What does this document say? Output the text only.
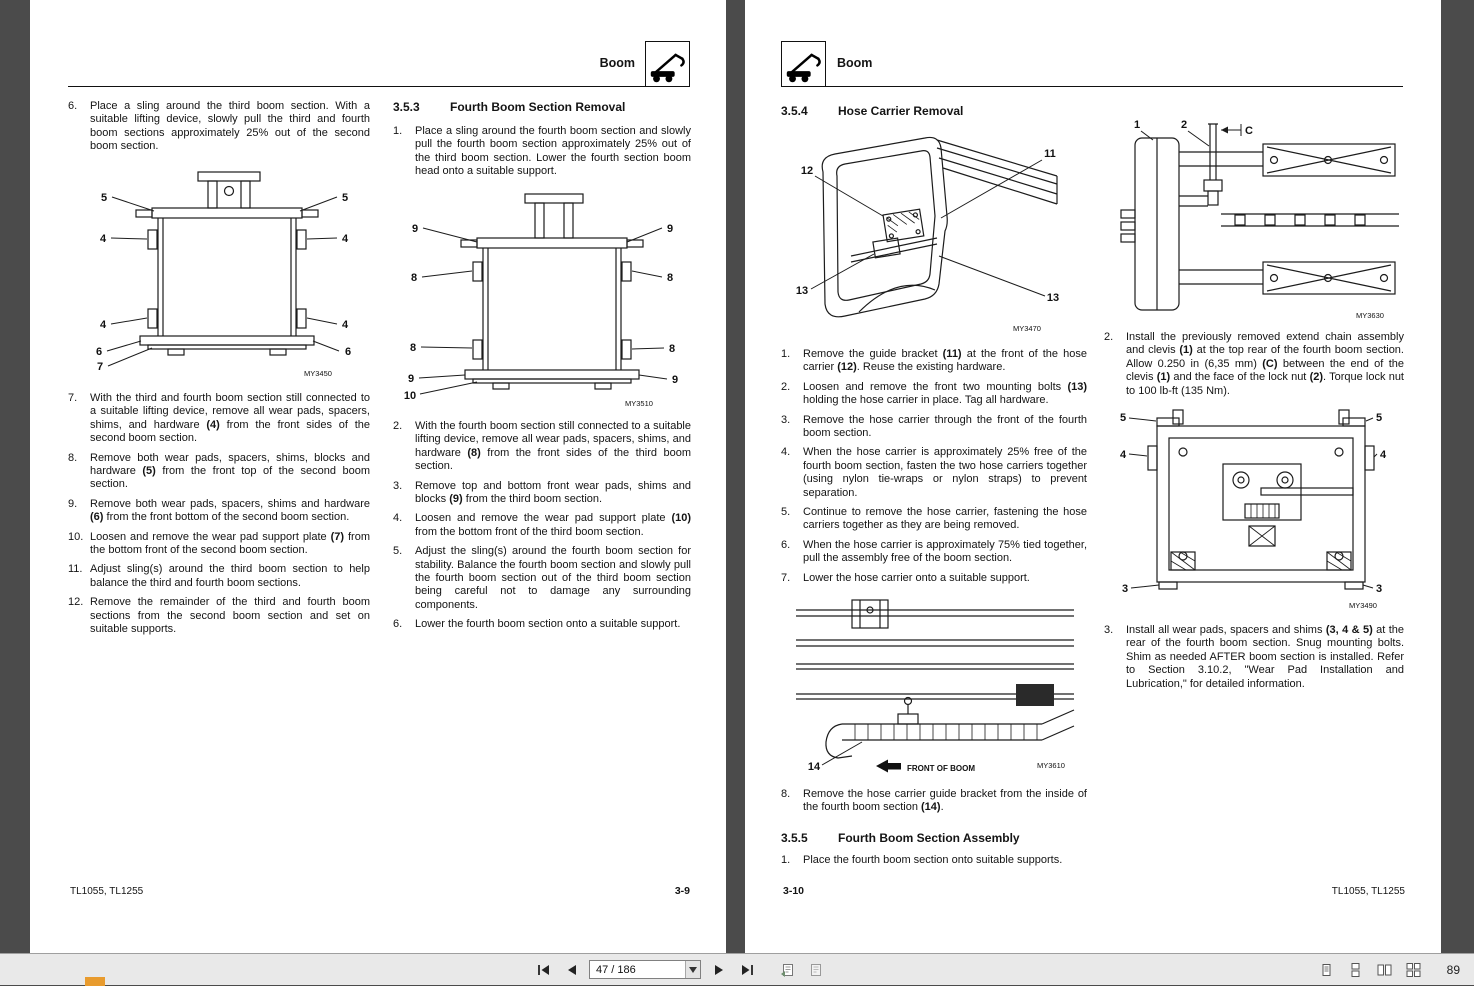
Boom
6.	Place a sling around the third boom section. With a suitable lifting device, slowly pull the third and fourth boom sections approximately 25% out of the second boom section.
5	5
4	4
4	4
6	6
7
MY3450
7.	With the third and fourth boom section still connected to a suitable lifting device, remove all wear pads, spacers, shims, and hardware (4) from the front sides of the second boom section.
8.	Remove both wear pads, spacers, shims, blocks and hardware (5) from the front top of the second boom section.
9.	Remove both wear pads, spacers, shims and hardware (6) from the front bottom of the second boom section.
10. Loosen and remove the wear pad support plate (7) from the bottom front of the second boom section.
11. Adjust sling(s) around the third boom section to help balance the third and fourth boom sections.
12. Remove the remainder of the third and fourth boom sections from the second boom section and set on suitable supports.
3.5.3	Fourth Boom Section Removal
1.	Place a sling around the fourth boom section and slowly pull the fourth boom section approximately 25% out of the third boom section. Lower the fourth section boom head onto a suitable support.
9	9
8	8
8	8
9	9
10
MY3510
2.	With the fourth boom section still connected to a suitable lifting device, remove all wear pads, spacers, shims, and hardware (8) from the front sides of the third boom section.
3.	Remove top and bottom front wear pads, shims and blocks (9) from the third boom section.
4.	Loosen and remove the wear pad support plate (10) from the bottom front of the third boom section.
5.	Adjust the sling(s) around the fourth boom section for stability. Balance the fourth boom section and slowly pull the fourth boom section out of the third boom section being careful not to damage any surrounding components.
6.	Lower the fourth boom section onto a suitable support.
TL1055, TL1255	3-9
Boom
3.5.4	Hose Carrier Removal
12
11
13
13
MY3470
1	2	C
MY3630
1.	Remove the guide bracket (11) at the front of the hose carrier (12). Reuse the existing hardware.
2.	Loosen and remove the front two mounting bolts (13) holding the hose carrier in place. Tag all hardware.
3.	Remove the hose carrier through the front of the fourth boom section.
4.	When the hose carrier is approximately 25% free of the fourth boom section, fasten the two hose carriers together (using nylon tie-wraps or nylon straps) to prevent separation.
5.	Continue to remove the hose carrier, fastening the hose carriers together as they are being removed.
6.	When the hose carrier is approximately 75% tied together, pull the assembly free of the boom section.
7.	Lower the hose carrier onto a suitable support.
FRONT OF BOOM
14	MY3610
8.	Remove the hose carrier guide bracket from the inside of the fourth boom section (14).
3.5.5	Fourth Boom Section Assembly
1.	Place the fourth boom section onto suitable supports.
2.	Install the previously removed extend chain assembly and clevis (1) at the top rear of the fourth boom section. Allow 0.250 in (6,35 mm) (C) between the end of the clevis (1) and the face of the lock nut (2). Torque lock nut to 100 lb-ft (135 Nm).
5	5
4	4
3	3
MY3490
3.	Install all wear pads, spacers and shims (3, 4 & 5) at the rear of the fourth boom section. Snug mounting bolts. Shim as needed AFTER boom section is installed. Refer to Section 3.10.2, "Wear Pad Installation and Lubrication," for detailed information.
3-10	TL1055, TL1255
47 / 186	89
